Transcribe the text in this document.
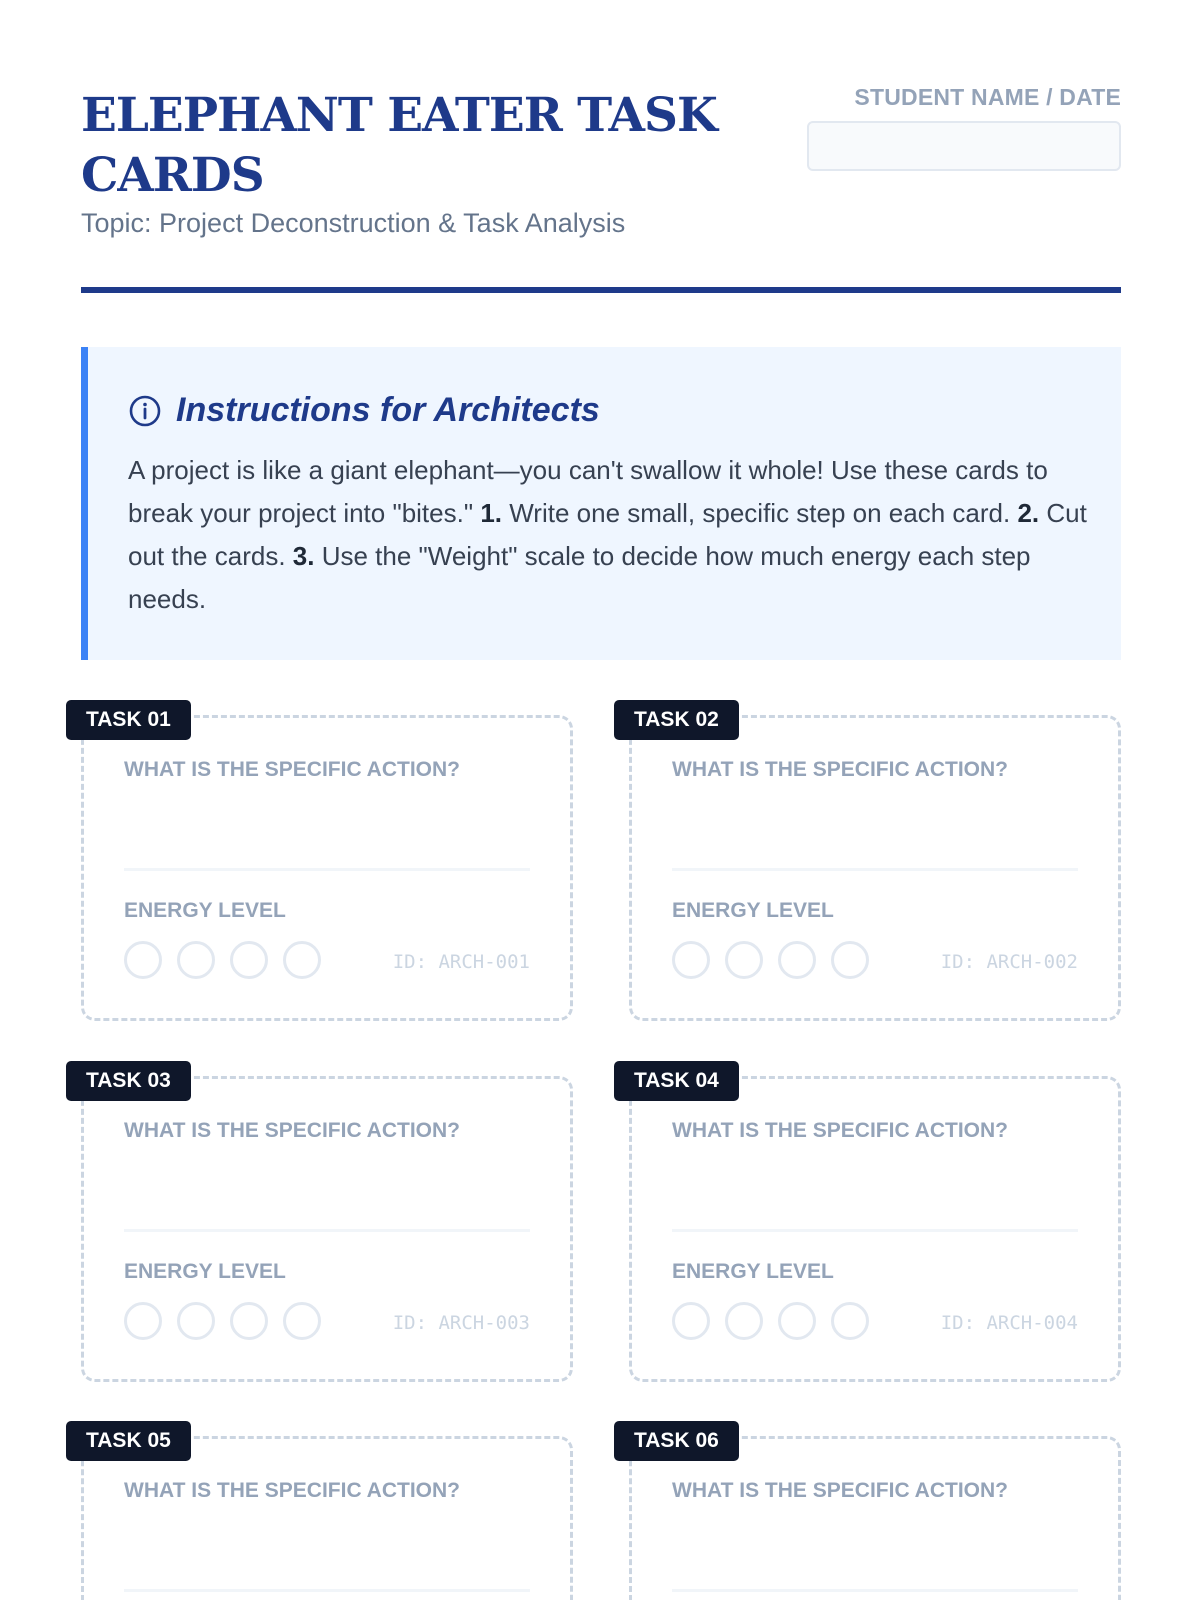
ELEPHANT EATER TASK CARDS
Topic: Project Deconstruction & Task Analysis
STUDENT NAME / DATE
Instructions for Architects
A project is like a giant elephant—you can't swallow it whole! Use these cards to break your project into "bites." 1. Write one small, specific step on each card. 2. Cut out the cards. 3. Use the "Weight" scale to decide how much energy each step needs.
TASK 01
WHAT IS THE SPECIFIC ACTION?
ENERGY LEVEL
ID: ARCH-001
TASK 02
WHAT IS THE SPECIFIC ACTION?
ENERGY LEVEL
ID: ARCH-002
TASK 03
WHAT IS THE SPECIFIC ACTION?
ENERGY LEVEL
ID: ARCH-003
TASK 04
WHAT IS THE SPECIFIC ACTION?
ENERGY LEVEL
ID: ARCH-004
TASK 05
WHAT IS THE SPECIFIC ACTION?
TASK 06
WHAT IS THE SPECIFIC ACTION?
